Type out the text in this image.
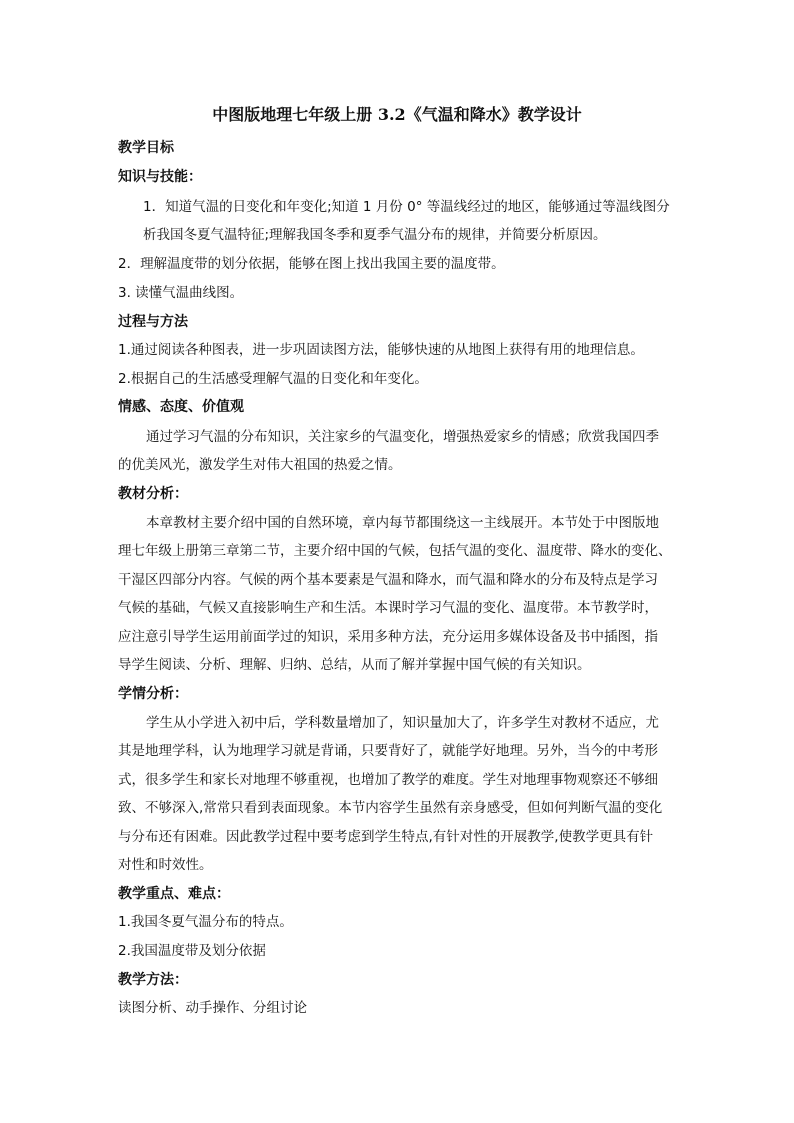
中图版地理七年级上册 3.2《气温和降水》教学设计
教学目标
知识与技能：
1．知道气温的日变化和年变化;知道 1 月份 0° 等温线经过的地区，能够通过等温线图分
析我国冬夏气温特征;理解我国冬季和夏季气温分布的规律，并简要分析原因。
2．理解温度带的划分依据，能够在图上找出我国主要的温度带。
3. 读懂气温曲线图。
过程与方法
1.通过阅读各种图表，进一步巩固读图方法，能够快速的从地图上获得有用的地理信息。
2.根据自己的生活感受理解气温的日变化和年变化。
情感、态度、价值观
通过学习气温的分布知识，关注家乡的气温变化，增强热爱家乡的情感；欣赏我国四季
的优美风光，激发学生对伟大祖国的热爱之情。
教材分析：
本章教材主要介绍中国的自然环境，章内每节都围绕这一主线展开。本节处于中图版地
理七年级上册第三章第二节，主要介绍中国的气候，包括气温的变化、温度带、降水的变化、
干湿区四部分内容。气候的两个基本要素是气温和降水，而气温和降水的分布及特点是学习
气候的基础，气候又直接影响生产和生活。本课时学习气温的变化、温度带。本节教学时，
应注意引导学生运用前面学过的知识，采用多种方法，充分运用多媒体设备及书中插图，指
导学生阅读、分析、理解、归纳、总结，从而了解并掌握中国气候的有关知识。
学情分析：
学生从小学进入初中后，学科数量增加了，知识量加大了，许多学生对教材不适应，尤
其是地理学科，认为地理学习就是背诵，只要背好了，就能学好地理。另外，当今的中考形
式，很多学生和家长对地理不够重视，也增加了教学的难度。学生对地理事物观察还不够细
致、不够深入,常常只看到表面现象。本节内容学生虽然有亲身感受，但如何判断气温的变化
与分布还有困难。因此教学过程中要考虑到学生特点,有针对性的开展教学,使教学更具有针
对性和时效性。
教学重点、难点：
1.我国冬夏气温分布的特点。
2.我国温度带及划分依据
教学方法：
读图分析、动手操作、分组讨论
